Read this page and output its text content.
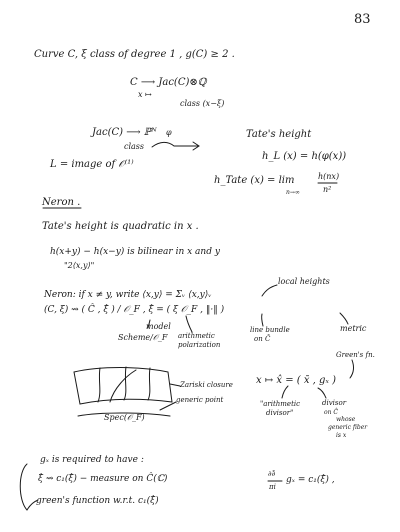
83
Curve C, ξ class of degree 1 , g(C) ≥ 2 .
C ⟶ Jac(C)⊗ℚ
x ↦
class (x−ξ)
Jac(C) ⟶ ℙᴺ φ
class
Tate's height
L = image of 𝒪⁽¹⁾
h_L (x) = h(φ(x))
h_Tate (x) = lim
n→∞
h(nx)
n²
Neron .
Tate's height is quadratic in x .
h(x+y) − h(x−y) is bilinear in x and y
"2⟨x,y⟩"
local heights
Neron: if x ≠ y, write ⟨x,y⟩ = Σᵥ ⟨x,y⟩ᵥ
(C, ξ) ⇝ ( Ĉ , ξ̂ ) / 𝒪_F , ξ̂ = ( ξ 𝒪_F , ‖·‖ )
model
Scheme/𝒪_F arithmetic
polarization
line bundle
on Ĉ
metric
Green's fn.
Zariski closure
generic point
Spec(𝒪_F)
x ↦ x̂ = ( x̄ , gₓ )
"arithmetic
divisor"
divisor
on Ĉ
whose
generic fiber
is x
gₓ is required to have :
ξ̂ ⇝ c₁(ξ̂) − measure on Ĉ(ℂ)
green's function w.r.t. c₁(ξ̂)
∂∂̄
πi
gₓ = c₁(ξ̂) ,
